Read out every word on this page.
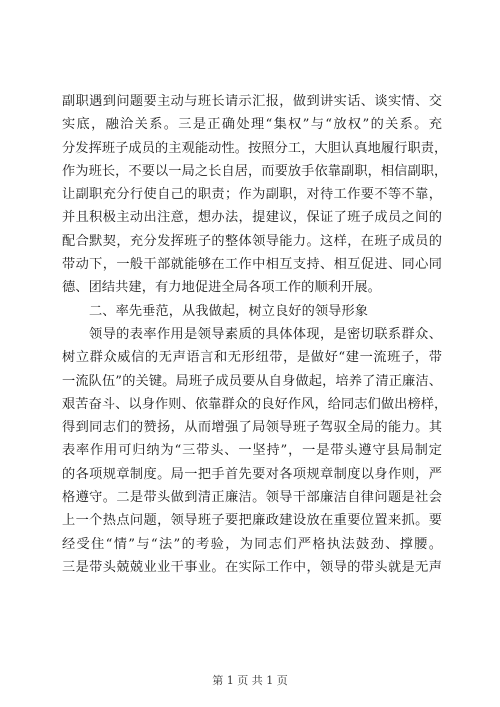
副职遇到问题要主动与班长请示汇报，做到讲实话、谈实情、交
实底，融洽关系。三是正确处理“集权”与“放权”的关系。充
分发挥班子成员的主观能动性。按照分工，大胆认真地履行职责，
作为班长，不要以一局之长自居，而要放手依靠副职，相信副职，
让副职充分行使自己的职责；作为副职，对待工作要不等不靠，
并且积极主动出注意，想办法，提建议，保证了班子成员之间的
配合默契，充分发挥班子的整体领导能力。这样，在班子成员的
带动下，一般干部就能够在工作中相互支持、相互促进、同心同
德、团结共建，有力地促进全局各项工作的顺利开展。
二、率先垂范，从我做起，树立良好的领导形象
领导的表率作用是领导素质的具体体现，是密切联系群众、
树立群众威信的无声语言和无形纽带，是做好“建一流班子，带
一流队伍”的关键。局班子成员要从自身做起，培养了清正廉洁、
艰苦奋斗、以身作则、依靠群众的良好作风，给同志们做出榜样，
得到同志们的赞扬，从而增强了局领导班子驾驭全局的能力。其
表率作用可归纳为“三带头、一坚持”，一是带头遵守县局制定
的各项规章制度。局一把手首先要对各项规章制度以身作则，严
格遵守。二是带头做到清正廉洁。领导干部廉洁自律问题是社会
上一个热点问题，领导班子要把廉政建设放在重要位置来抓。要
经受住“情”与“法”的考验，为同志们严格执法鼓劲、撑腰。
三是带头兢兢业业干事业。在实际工作中，领导的带头就是无声
第 1 页 共 1 页
